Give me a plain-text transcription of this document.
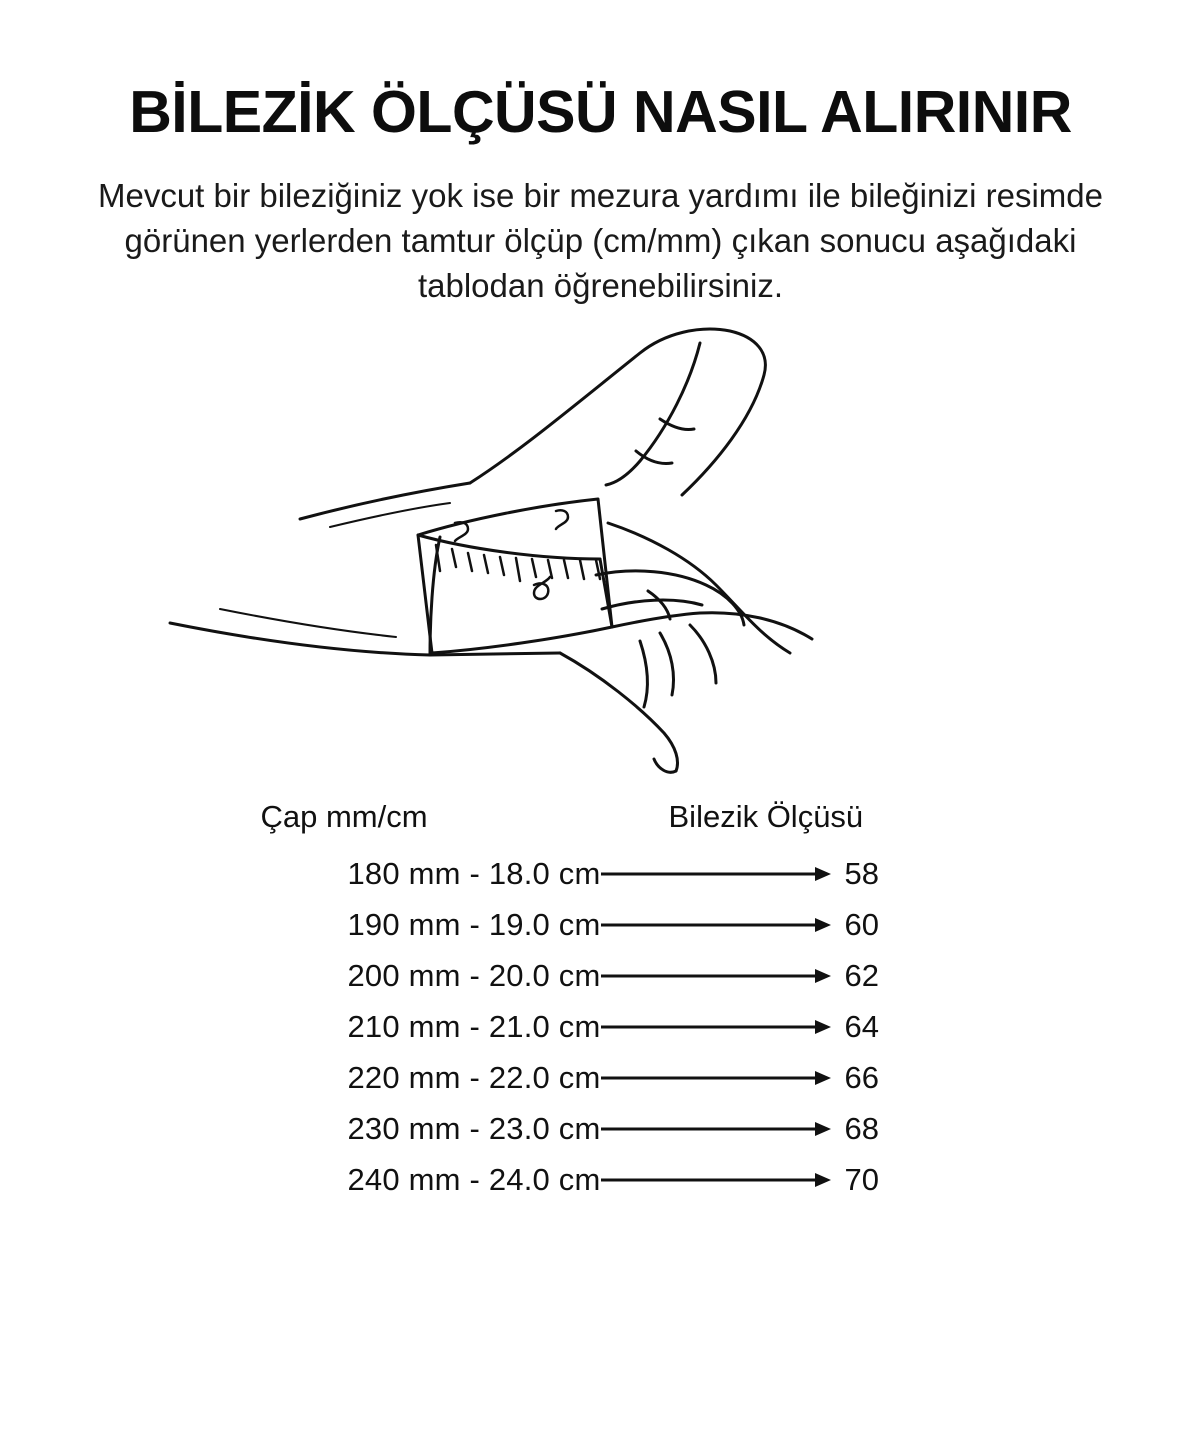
BİLEZİK ÖLÇÜSÜ NASIL ALIRINIR

Mevcut bir bileziğiniz yok ise bir mezura yardımı ile bileğinizi resimde görünen yerlerden tamtur ölçüp (cm/mm) çıkan sonucu aşağıdaki tablodan öğrenebilirsiniz.

Çap mm/cm	Bilezik Ölçüsü
180 mm - 18.0 cm	58
190 mm - 19.0 cm	60
200 mm - 20.0 cm	62
210 mm - 21.0 cm	64
220 mm - 22.0 cm	66
230 mm - 23.0 cm	68
240 mm - 24.0 cm	70
